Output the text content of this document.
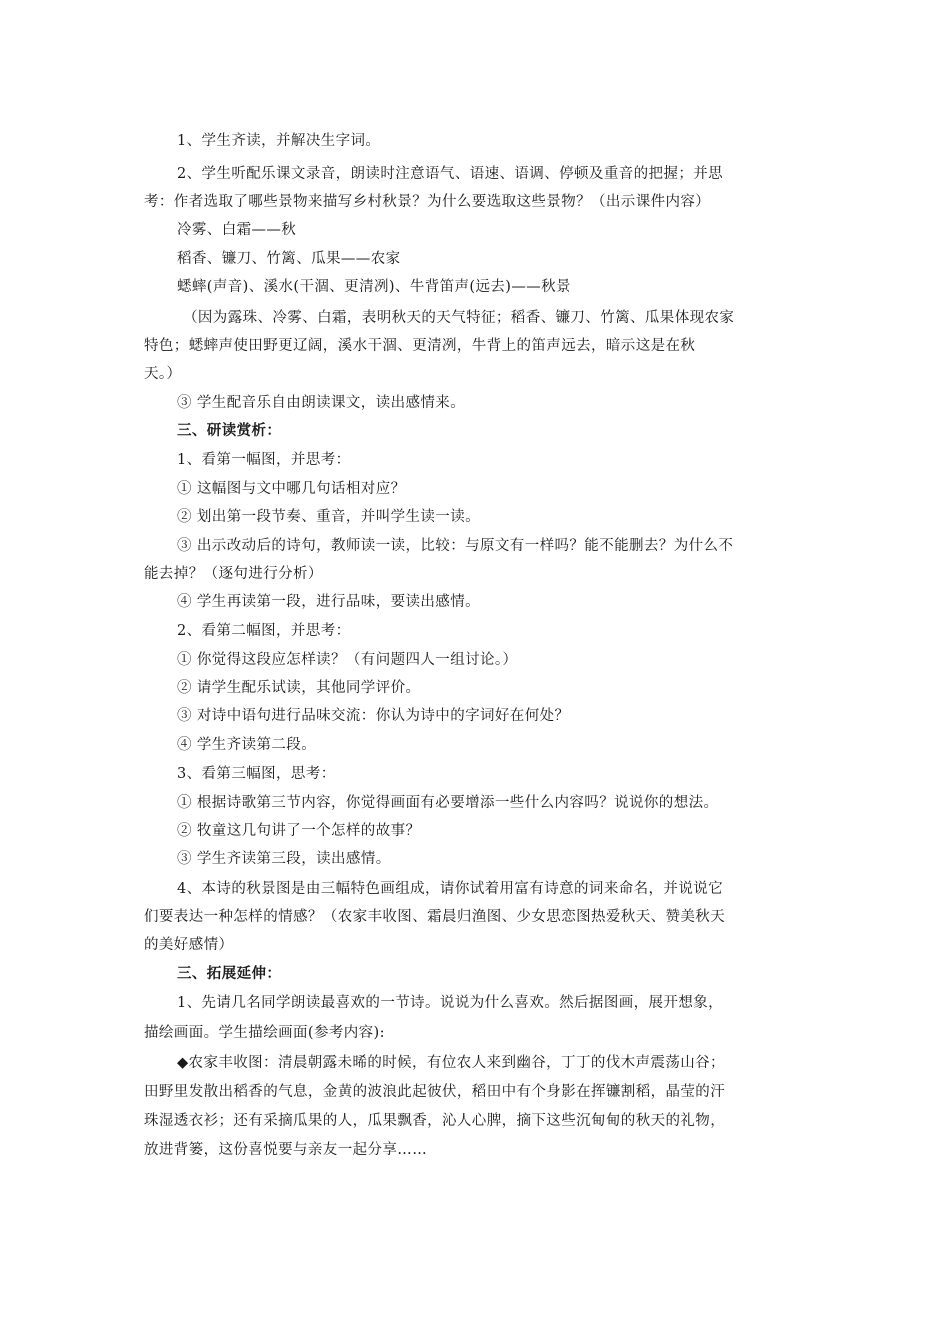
1、学生齐读，并解决生字词。
2、学生听配乐课文录音，朗读时注意语气、语速、语调、停顿及重音的把握；并思
考：作者选取了哪些景物来描写乡村秋景？为什么要选取这些景物？（出示课件内容）
冷雾、白霜——秋
稻香、镰刀、竹篱、瓜果——农家
蟋蟀(声音)、溪水(干涸、更清冽)、牛背笛声(远去)——秋景
（因为露珠、冷雾、白霜，表明秋天的天气特征；稻香、镰刀、竹篱、瓜果体现农家
特色；蟋蟀声使田野更辽阔，溪水干涸、更清冽，牛背上的笛声远去，暗示这是在秋
天。）
③ 学生配音乐自由朗读课文，读出感情来。
三、研读赏析：
1、看第一幅图，并思考：
① 这幅图与文中哪几句话相对应？
② 划出第一段节奏、重音，并叫学生读一读。
③ 出示改动后的诗句，教师读一读，比较：与原文有一样吗？能不能删去？为什么不
能去掉？（逐句进行分析）
④ 学生再读第一段，进行品味，要读出感情。
2、看第二幅图，并思考：
① 你觉得这段应怎样读？（有问题四人一组讨论。）
② 请学生配乐试读，其他同学评价。
③ 对诗中语句进行品味交流：你认为诗中的字词好在何处？
④ 学生齐读第二段。
3、看第三幅图，思考：
① 根据诗歌第三节内容，你觉得画面有必要增添一些什么内容吗？说说你的想法。
② 牧童这几句讲了一个怎样的故事？
③ 学生齐读第三段，读出感情。
4、本诗的秋景图是由三幅特色画组成，请你试着用富有诗意的词来命名，并说说它
们要表达一种怎样的情感？（农家丰收图、霜晨归渔图、少女思恋图热爱秋天、赞美秋天
的美好感情）
三、拓展延伸：
1、先请几名同学朗读最喜欢的一节诗。说说为什么喜欢。然后据图画，展开想象，
描绘画面。学生描绘画面(参考内容):
◆农家丰收图：清晨朝露未晞的时候，有位农人来到幽谷，丁丁的伐木声震荡山谷；
田野里发散出稻香的气息，金黄的波浪此起彼伏，稻田中有个身影在挥镰割稻，晶莹的汗
珠湿透衣衫；还有采摘瓜果的人，瓜果飘香，沁人心脾，摘下这些沉甸甸的秋天的礼物，
放进背篓，这份喜悦要与亲友一起分享……
